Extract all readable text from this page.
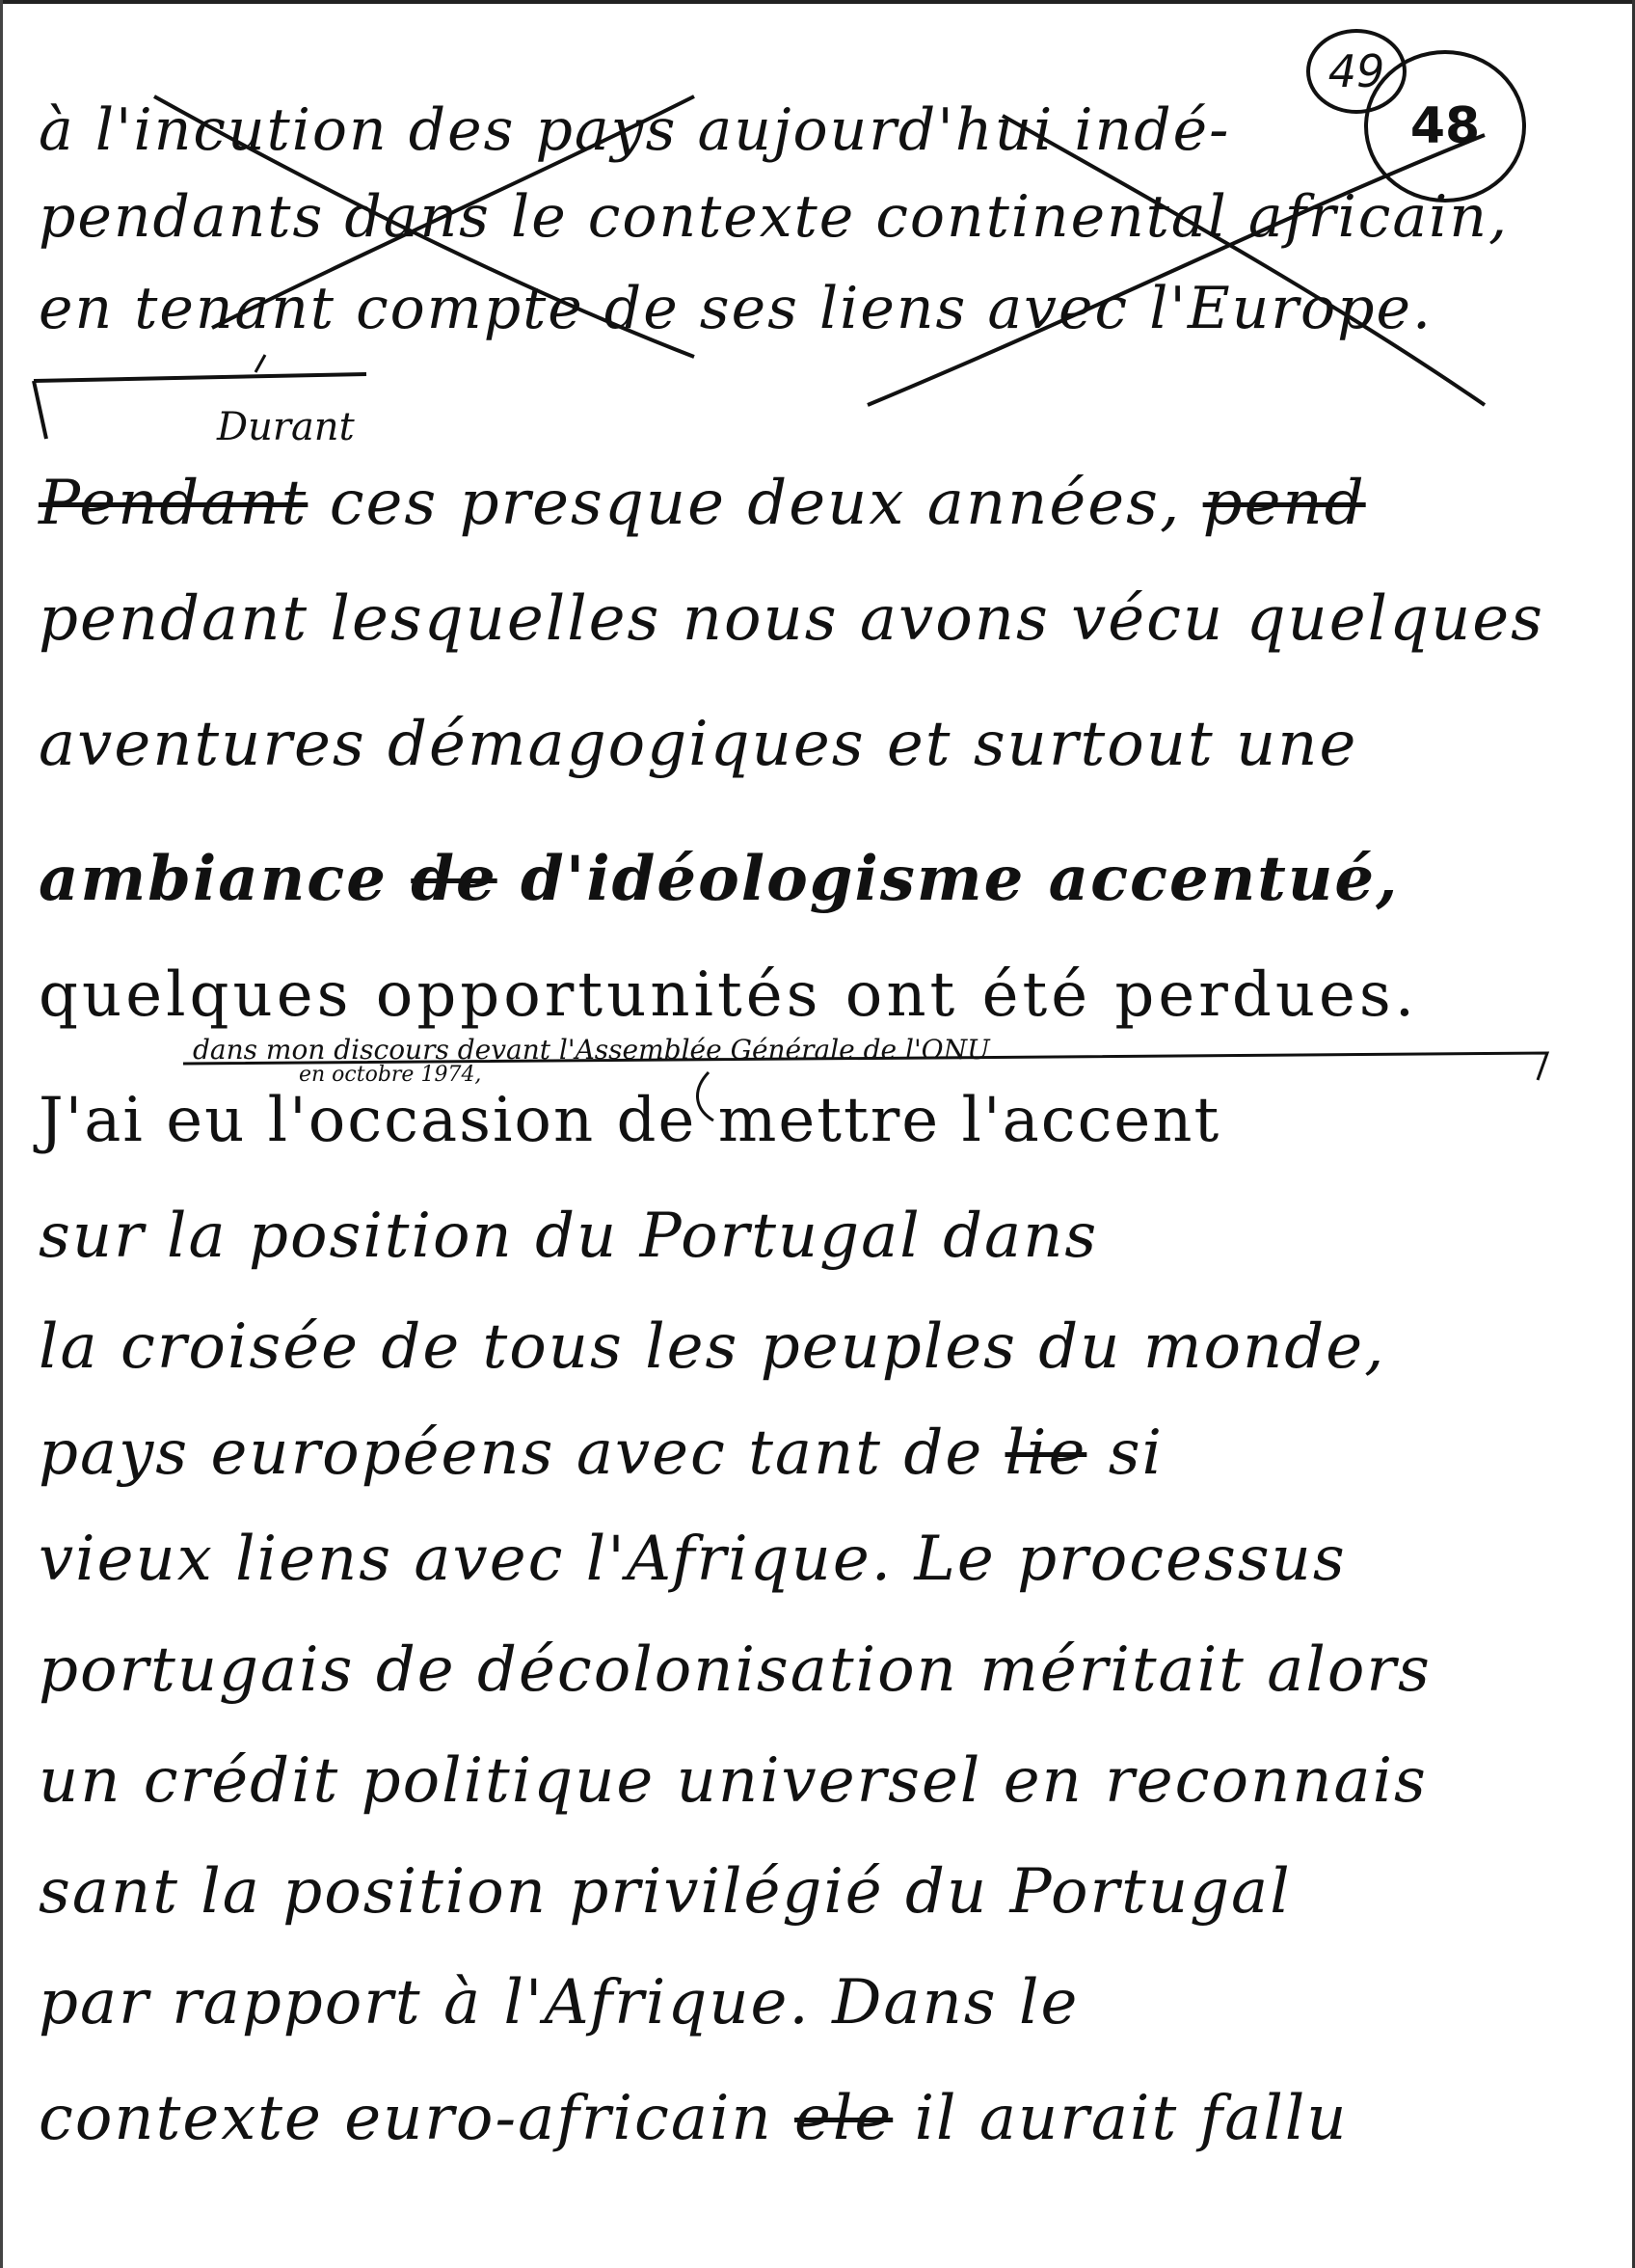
49
48
à l'incution des pays aujourd'hui indé-
pendants dans le contexte continental africain,
en tenant compte de ses liens avec l'Europe.
Durant
Pendant ces presque deux années, pend
pendant lesquelles nous avons vécu quelques
aventures démagogiques et surtout une
ambiance de d'idéologisme accentué,
quelques opportunités ont été perdues.
dans mon discours devant l'Assemblée Générale de l'ONU
en octobre 1974,
J'ai eu l'occasion de mettre l'accent
sur la position du Portugal dans
la croisée de tous les peuples du monde,
pays européens avec tant de lie si
vieux liens avec l'Afrique. Le processus
portugais de décolonisation méritait alors
un crédit politique universel en reconnais
sant la position privilégié du Portugal
par rapport à l'Afrique. Dans le
contexte euro-africain ele il aurait fallu
